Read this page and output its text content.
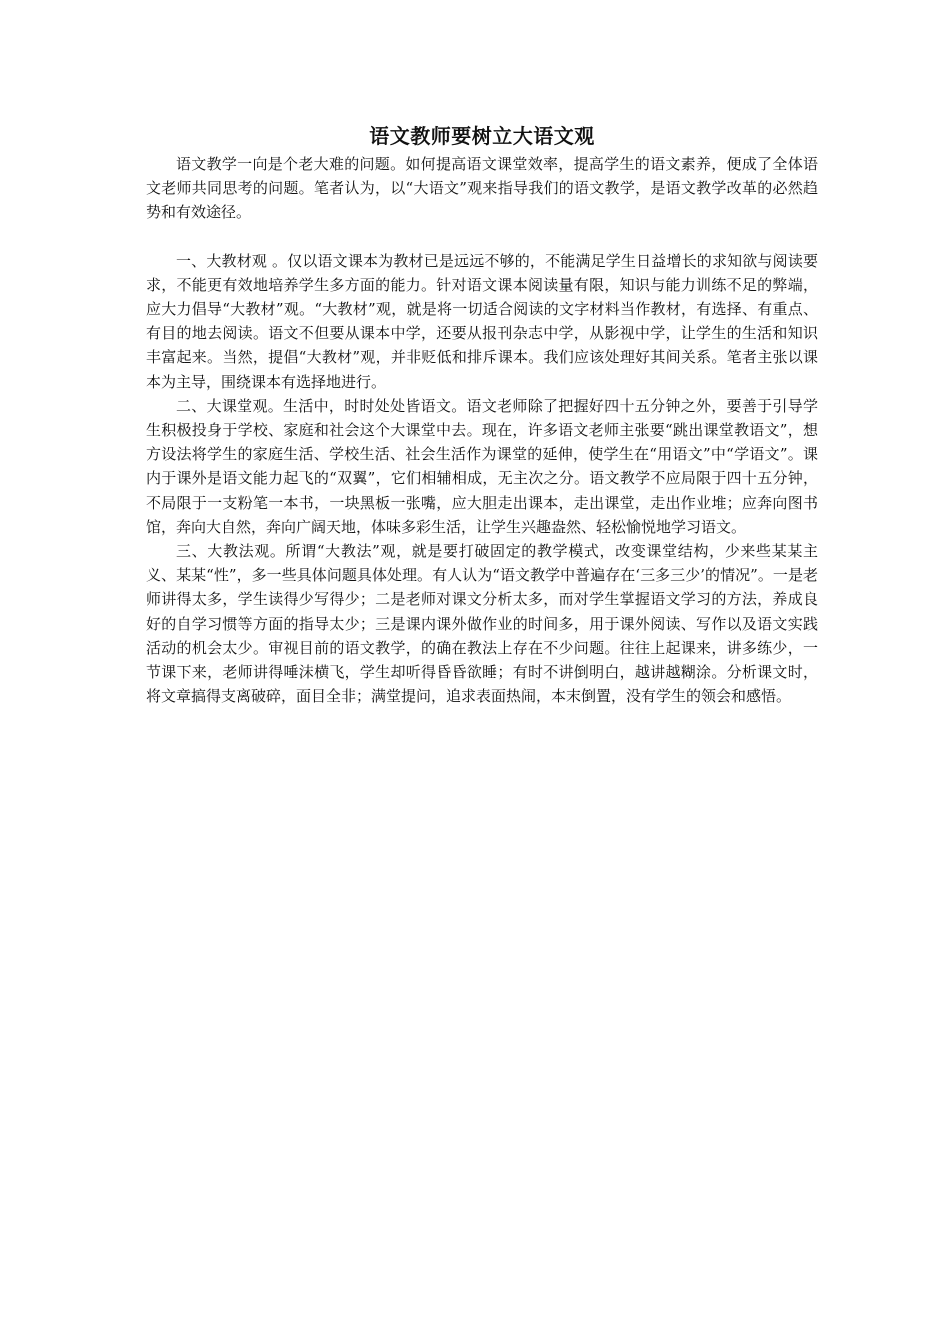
语文教师要树立大语文观

语文教学一向是个老大难的问题。如何提高语文课堂效率，提高学生的语文素养，便成了全体语文老师共同思考的问题。笔者认为，以“大语文”观来指导我们的语文教学，是语文教学改革的必然趋势和有效途径。

一、大教材观 。仅以语文课本为教材已是远远不够的，不能满足学生日益增长的求知欲与阅读要求，不能更有效地培养学生多方面的能力。针对语文课本阅读量有限，知识与能力训练不足的弊端，应大力倡导“大教材”观。“大教材”观，就是将一切适合阅读的文字材料当作教材，有选择、有重点、有目的地去阅读。语文不但要从课本中学，还要从报刊杂志中学，从影视中学，让学生的生活和知识丰富起来。当然，提倡“大教材”观，并非贬低和排斥课本。我们应该处理好其间关系。笔者主张以课本为主导，围绕课本有选择地进行。

二、大课堂观。生活中，时时处处皆语文。语文老师除了把握好四十五分钟之外，要善于引导学生积极投身于学校、家庭和社会这个大课堂中去。现在，许多语文老师主张要“跳出课堂教语文”，想方设法将学生的家庭生活、学校生活、社会生活作为课堂的延伸，使学生在“用语文”中“学语文”。课内于课外是语文能力起飞的“双翼”，它们相辅相成，无主次之分。语文教学不应局限于四十五分钟，不局限于一支粉笔一本书，一块黑板一张嘴，应大胆走出课本，走出课堂，走出作业堆；应奔向图书馆，奔向大自然，奔向广阔天地，体味多彩生活，让学生兴趣盎然、轻松愉悦地学习语文。

三、大教法观。所谓“大教法”观，就是要打破固定的教学模式，改变课堂结构，少来些某某主义、某某“性”，多一些具体问题具体处理。有人认为“语文教学中普遍存在‘三多三少’的情况”。一是老师讲得太多，学生读得少写得少；二是老师对课文分析太多，而对学生掌握语文学习的方法，养成良好的自学习惯等方面的指导太少；三是课内课外做作业的时间多，用于课外阅读、写作以及语文实践活动的机会太少。审视目前的语文教学，的确在教法上存在不少问题。往往上起课来，讲多练少，一节课下来，老师讲得唾沫横飞，学生却听得昏昏欲睡；有时不讲倒明白，越讲越糊涂。分析课文时，将文章搞得支离破碎，面目全非；满堂提问，追求表面热闹，本末倒置，没有学生的领会和感悟。
